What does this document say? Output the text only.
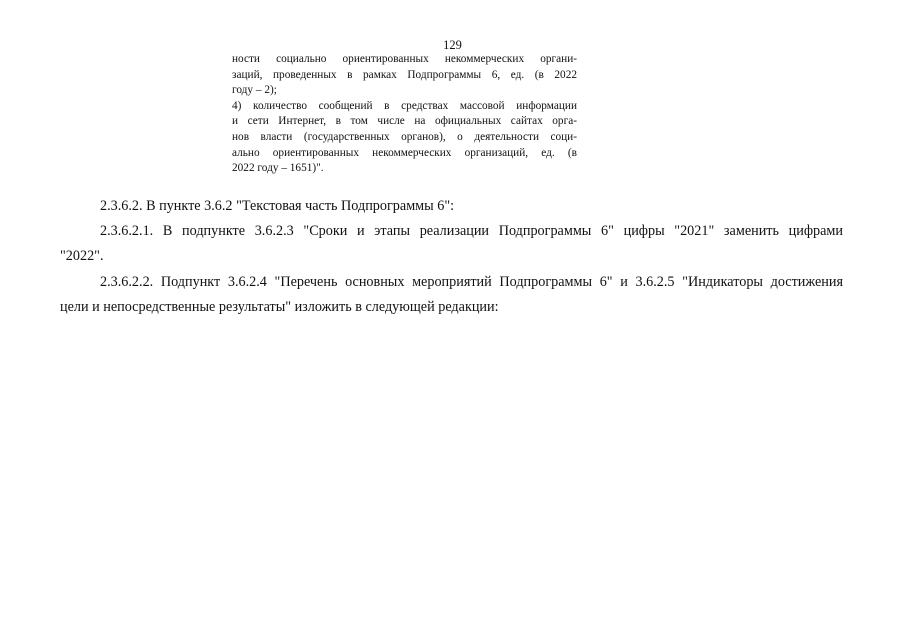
129
ности социально ориентированных некоммерческих органи-
заций, проведенных в рамках Подпрограммы 6, ед. (в 2022
году – 2);
4) количество сообщений в средствах массовой информации
и сети Интернет, в том числе на официальных сайтах орга-
нов власти (государственных органов), о деятельности соци-
ально ориентированных некоммерческих организаций, ед. (в
2022 году – 1651)".
2.3.6.2. В пункте 3.6.2 "Текстовая часть Подпрограммы 6":
2.3.6.2.1. В подпункте 3.6.2.3 "Сроки и этапы реализации Подпрограммы 6" цифры "2021" заменить цифрами
"2022".
2.3.6.2.2. Подпункт 3.6.2.4 "Перечень основных мероприятий Подпрограммы 6" и 3.6.2.5 "Индикаторы достижения
цели и непосредственные результаты" изложить в следующей редакции:
